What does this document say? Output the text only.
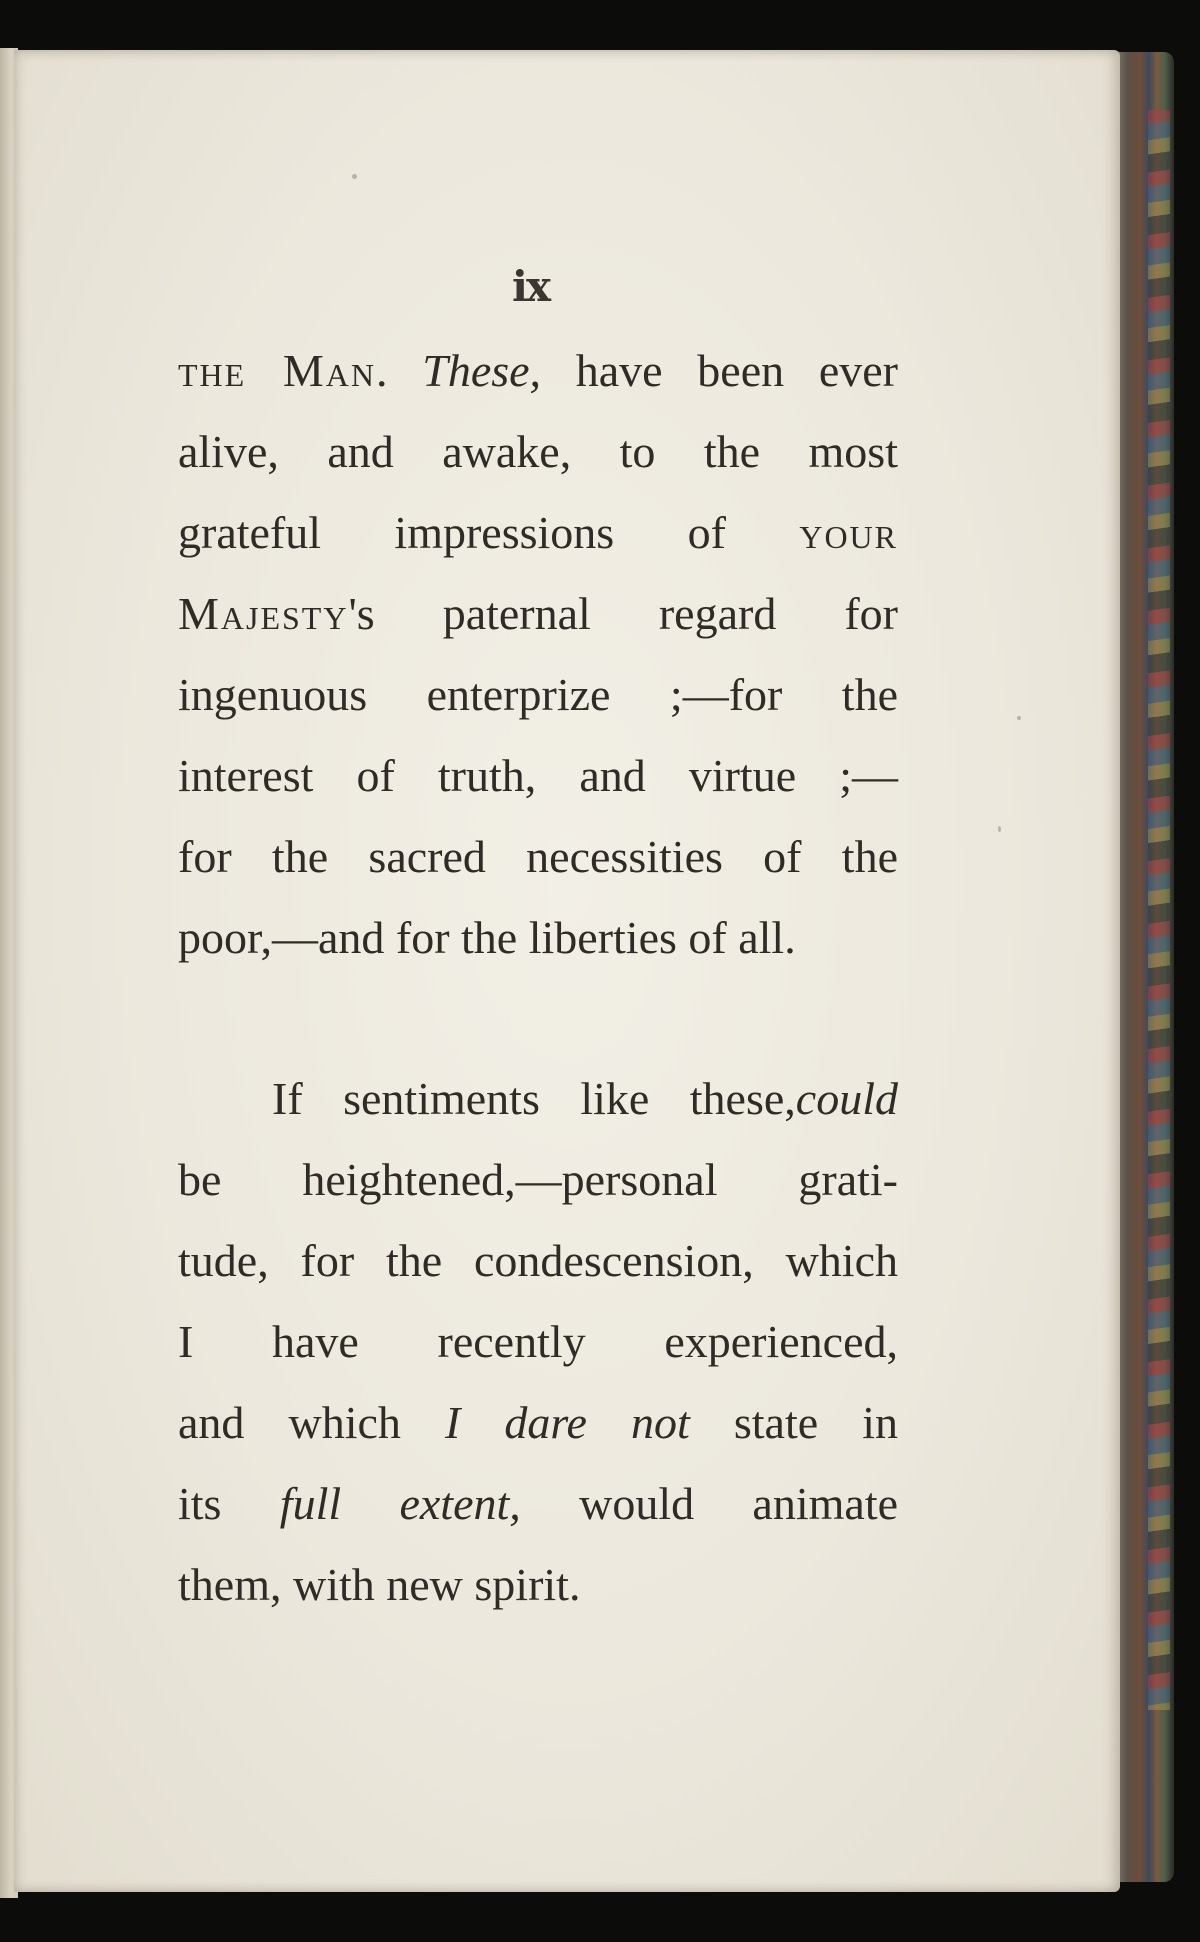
ix
the Man. These, have been ever
alive, and awake, to the most
grateful impressions of your
Majesty's paternal regard for
ingenuous enterprize ;—for the
interest of truth, and virtue ;—
for the sacred necessities of the
poor,—and for the liberties of all.
If sentiments like these,could
be heightened,—personal grati-
tude, for the condescension, which
I have recently experienced,
and which I dare not state in
its full extent, would animate
them, with new spirit.
